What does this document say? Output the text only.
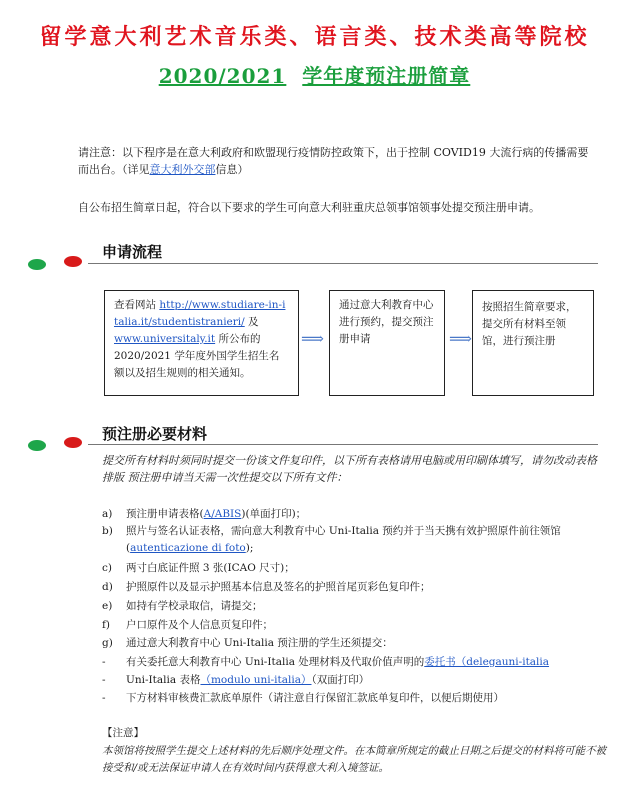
留学意大利艺术音乐类、语言类、技术类高等院校
2020/2021 学年度预注册简章
请注意：以下程序是在意大利政府和欧盟现行疫情防控政策下，出于控制 COVID19 大流行病的传播需要而出台。（详见意大利外交部信息）
自公布招生简章日起，符合以下要求的学生可向意大利驻重庆总领事馆领事处提交预注册申请。
申请流程
查看网站 http://www.studiare-in-italia.it/studentistranieri/ 及 www.universitaly.it 所公布的2020/2021 学年度外国学生招生名额以及招生规则的相关通知。
⟹
通过意大利教育中心进行预约，提交预注册申请	⟹
按照招生简章要求，提交所有材料至领馆，进行预注册
预注册必要材料
提交所有材料时须同时提交一份该文件复印件，以下所有表格请用电脑或用印刷体填写，请勿改动表格排版 预注册申请当天需一次性提交以下所有文件：
a) 预注册申请表格(A/ABIS)(单面打印)；
b)	照片与签名认证表格，需向意大利教育中心 Uni-Italia 预约并于当天携有效护照原件前往领馆(autenticazione di foto);
c) 两寸白底证件照 3 张(ICAO 尺寸)；
d) 护照原件以及显示护照基本信息及签名的护照首尾页彩色复印件；
e) 如持有学校录取信，请提交；
f) 户口原件及个人信息页复印件；
g) 通过意大利教育中心 Uni-Italia 预注册的学生还须提交：
- 有关委托意大利教育中心 Uni-Italia 处理材料及代取价值声明的委托书（delegauni-italia
- Uni-Italia 表格（modulo uni-italia）（双面打印）
- 下方材料审核费汇款底单原件（请注意自行保留汇款底单复印件，以便后期使用）
【注意】
本领馆将按照学生提交上述材料的先后顺序处理文件。在本简章所规定的截止日期之后提交的材料将可能不被接受和/或无法保证申请人在有效时间内获得意大利入境签证。
